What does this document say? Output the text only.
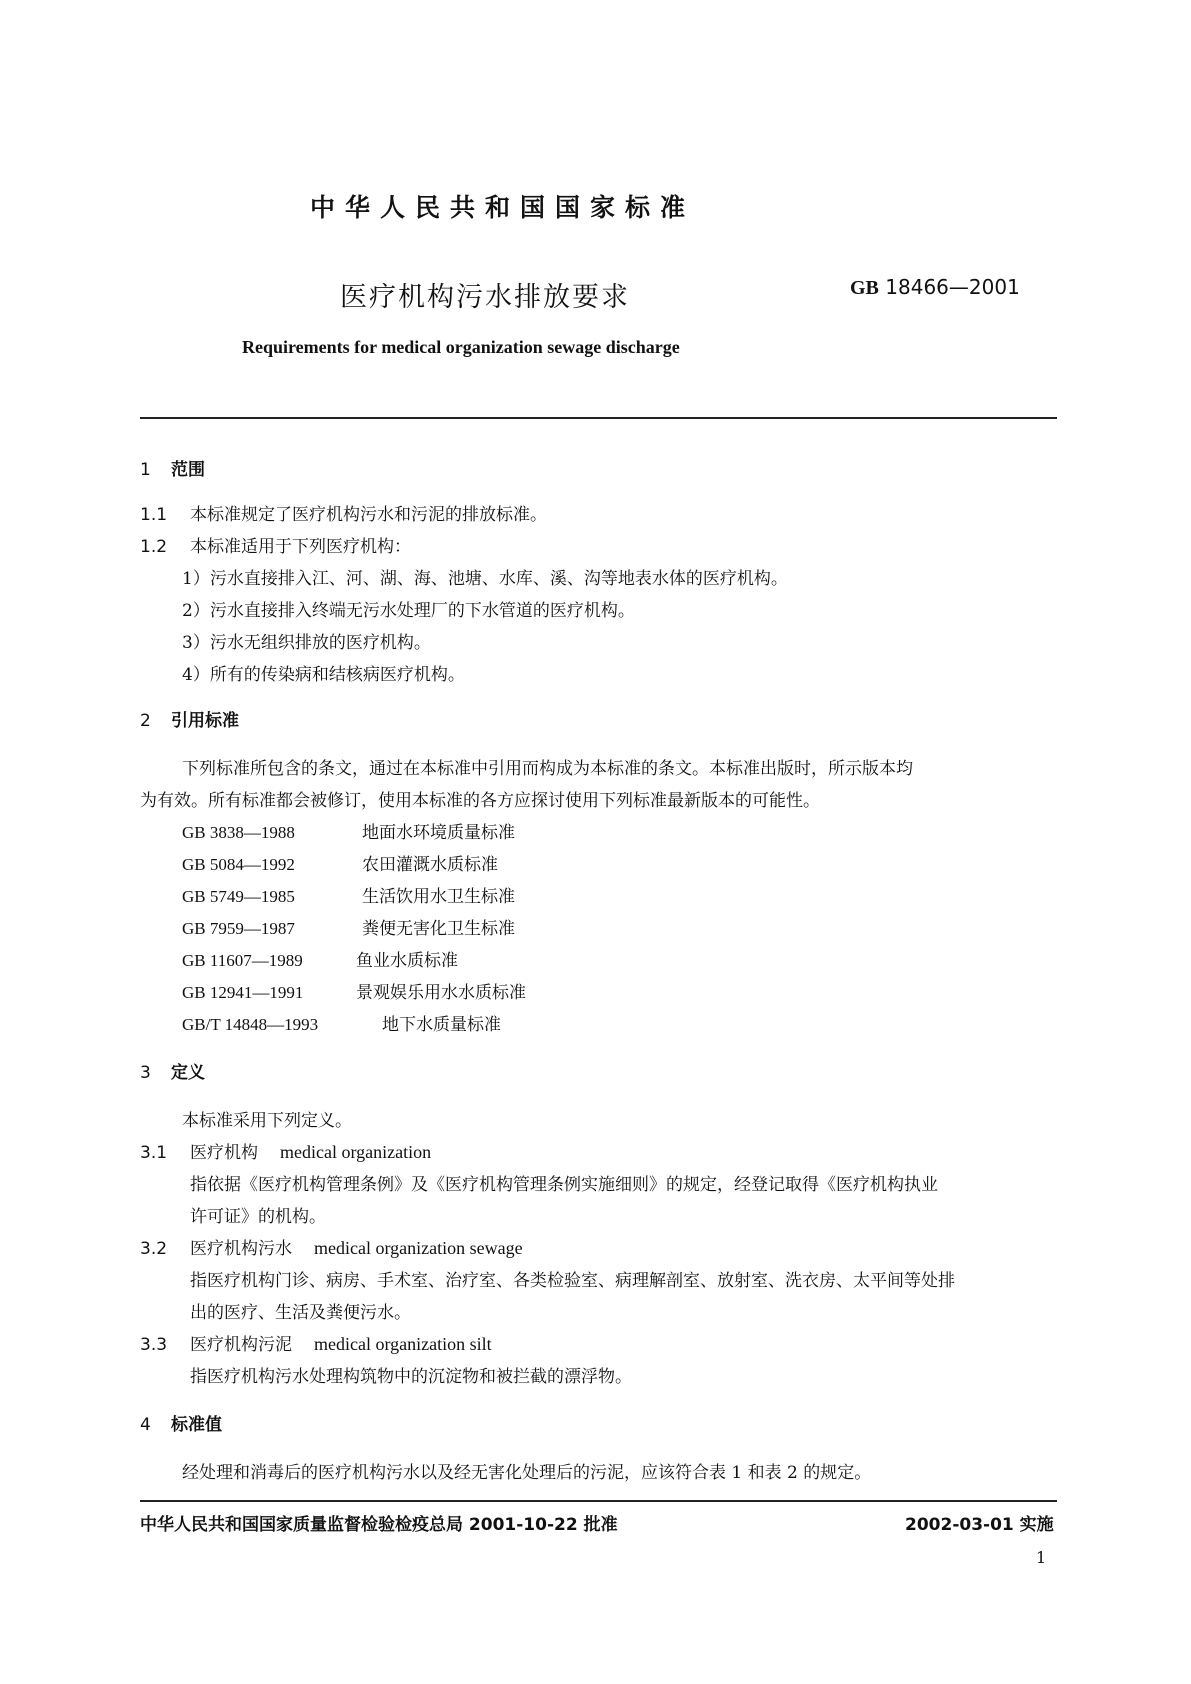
中华人民共和国国家标准
医疗机构污水排放要求	GB 18466—2001
Requirements for medical organization sewage discharge
1 范围
1.1 本标准规定了医疗机构污水和污泥的排放标准。
1.2 本标准适用于下列医疗机构：
1）污水直接排入江、河、湖、海、池塘、水库、溪、沟等地表水体的医疗机构。
2）污水直接排入终端无污水处理厂的下水管道的医疗机构。
3）污水无组织排放的医疗机构。
4）所有的传染病和结核病医疗机构。
2 引用标准
下列标准所包含的条文，通过在本标准中引用而构成为本标准的条文。本标准出版时，所示版本均
为有效。所有标准都会被修订，使用本标准的各方应探讨使用下列标准最新版本的可能性。
GB 3838—1988	地面水环境质量标准
GB 5084—1992	农田灌溉水质标准
GB 5749—1985	生活饮用水卫生标准
GB 7959—1987	粪便无害化卫生标准
GB 11607—1989	鱼业水质标准
GB 12941—1991	景观娱乐用水水质标准
GB/T 14848—1993	地下水质量标准
3 定义
本标准采用下列定义。
3.1 医疗机构 medical organization
指依据《医疗机构管理条例》及《医疗机构管理条例实施细则》的规定，经登记取得《医疗机构执业
许可证》的机构。
3.2 医疗机构污水 medical organization sewage
指医疗机构门诊、病房、手术室、治疗室、各类检验室、病理解剖室、放射室、洗衣房、太平间等处排
出的医疗、生活及粪便污水。
3.3 医疗机构污泥 medical organization silt
指医疗机构污水处理构筑物中的沉淀物和被拦截的漂浮物。
4 标准值
经处理和消毒后的医疗机构污水以及经无害化处理后的污泥，应该符合表 1 和表 2 的规定。
中华人民共和国国家质量监督检验检疫总局 2001-10-22 批准	2002-03-01 实施
1
